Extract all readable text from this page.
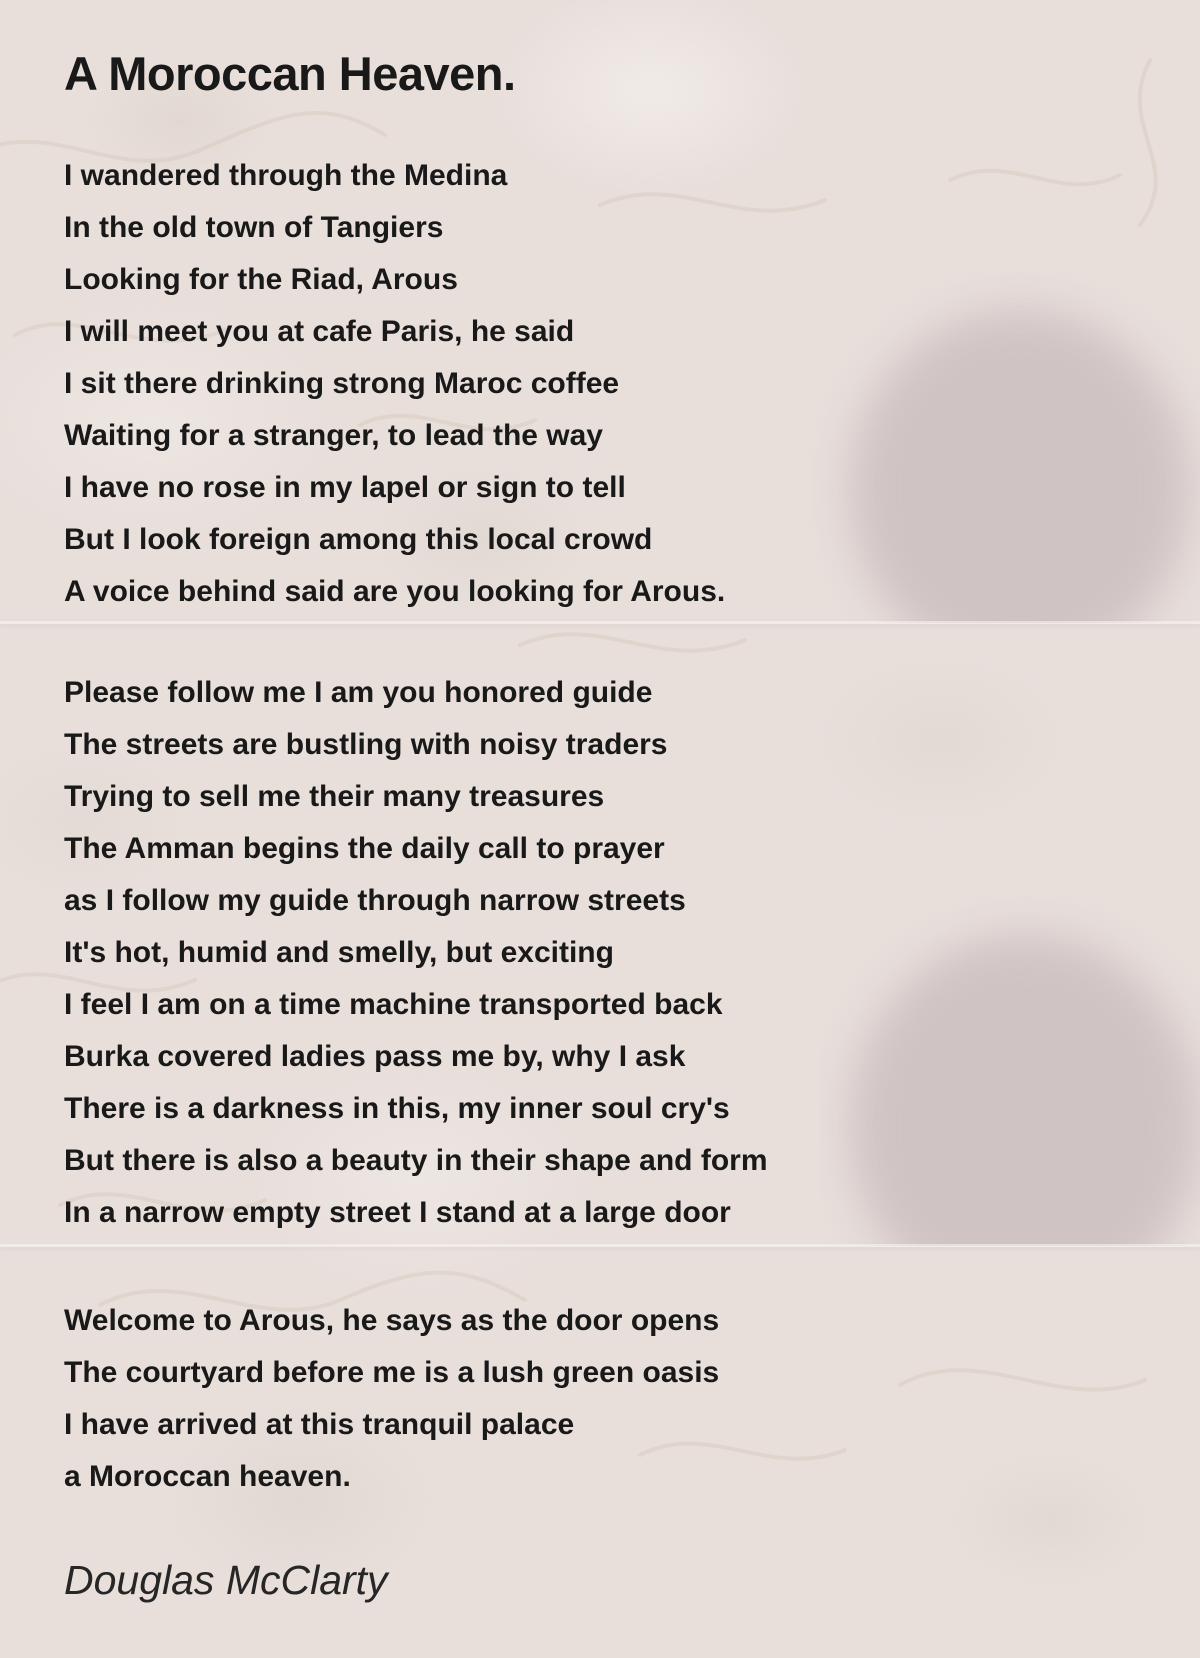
A Moroccan Heaven.

I wandered through the Medina

In the old town of Tangiers

Looking for the Riad, Arous

I will meet you at cafe Paris, he said

I sit there drinking strong Maroc coffee

Waiting for a stranger, to lead the way

I have no rose in my lapel or sign to tell

But I look foreign among this local crowd

A voice behind said are you looking for Arous.

Please follow me I am you honored guide

The streets are bustling with noisy traders

Trying to sell me their many treasures

The Amman begins the daily call to prayer

as I follow my guide through narrow streets

It's hot, humid and smelly, but exciting

I feel I am on a time machine transported back

Burka covered ladies pass me by, why I ask

There is a darkness in this, my inner soul cry's

But there is also a beauty in their shape and form

In a narrow empty street I stand at a large door

Welcome to Arous, he says as the door opens

The courtyard before me is a lush green oasis

I have arrived at this tranquil palace

a Moroccan heaven.

Douglas McClarty
